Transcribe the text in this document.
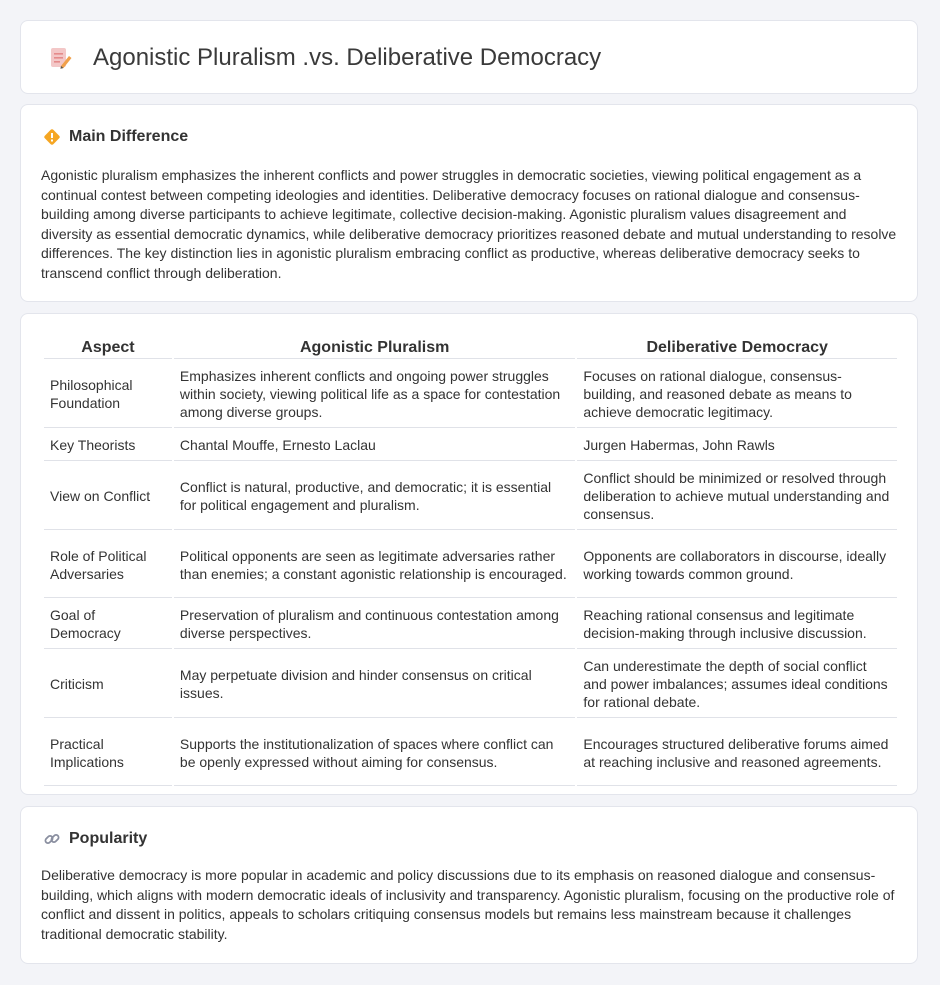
Agonistic Pluralism .vs. Deliberative Democracy
Main Difference

Agonistic pluralism emphasizes the inherent conflicts and power struggles in democratic societies, viewing political engagement as a continual contest between competing ideologies and identities. Deliberative democracy focuses on rational dialogue and consensus-building among diverse participants to achieve legitimate, collective decision-making. Agonistic pluralism values disagreement and diversity as essential democratic dynamics, while deliberative democracy prioritizes reasoned debate and mutual understanding to resolve differences. The key distinction lies in agonistic pluralism embracing conflict as productive, whereas deliberative democracy seeks to transcend conflict through deliberation.

Aspect	Agonistic Pluralism	Deliberative Democracy
Philosophical Foundation	Emphasizes inherent conflicts and ongoing power struggles within society, viewing political life as a space for contestation among diverse groups.	Focuses on rational dialogue, consensus-building, and reasoned debate as means to achieve democratic legitimacy.
Key Theorists	Chantal Mouffe, Ernesto Laclau	Jurgen Habermas, John Rawls
View on Conflict	Conflict is natural, productive, and democratic; it is essential for political engagement and pluralism.	Conflict should be minimized or resolved through deliberation to achieve mutual understanding and consensus.
Role of Political Adversaries	Political opponents are seen as legitimate adversaries rather than enemies; a constant agonistic relationship is encouraged.	Opponents are collaborators in discourse, ideally working towards common ground.
Goal of Democracy	Preservation of pluralism and continuous contestation among diverse perspectives.	Reaching rational consensus and legitimate decision-making through inclusive discussion.
Criticism	May perpetuate division and hinder consensus on critical issues.	Can underestimate the depth of social conflict and power imbalances; assumes ideal conditions for rational debate.
Practical Implications	Supports the institutionalization of spaces where conflict can be openly expressed without aiming for consensus.	Encourages structured deliberative forums aimed at reaching inclusive and reasoned agreements.
Popularity

Deliberative democracy is more popular in academic and policy discussions due to its emphasis on reasoned dialogue and consensus-building, which aligns with modern democratic ideals of inclusivity and transparency. Agonistic pluralism, focusing on the productive role of conflict and dissent in politics, appeals to scholars critiquing consensus models but remains less mainstream because it challenges traditional democratic stability.
